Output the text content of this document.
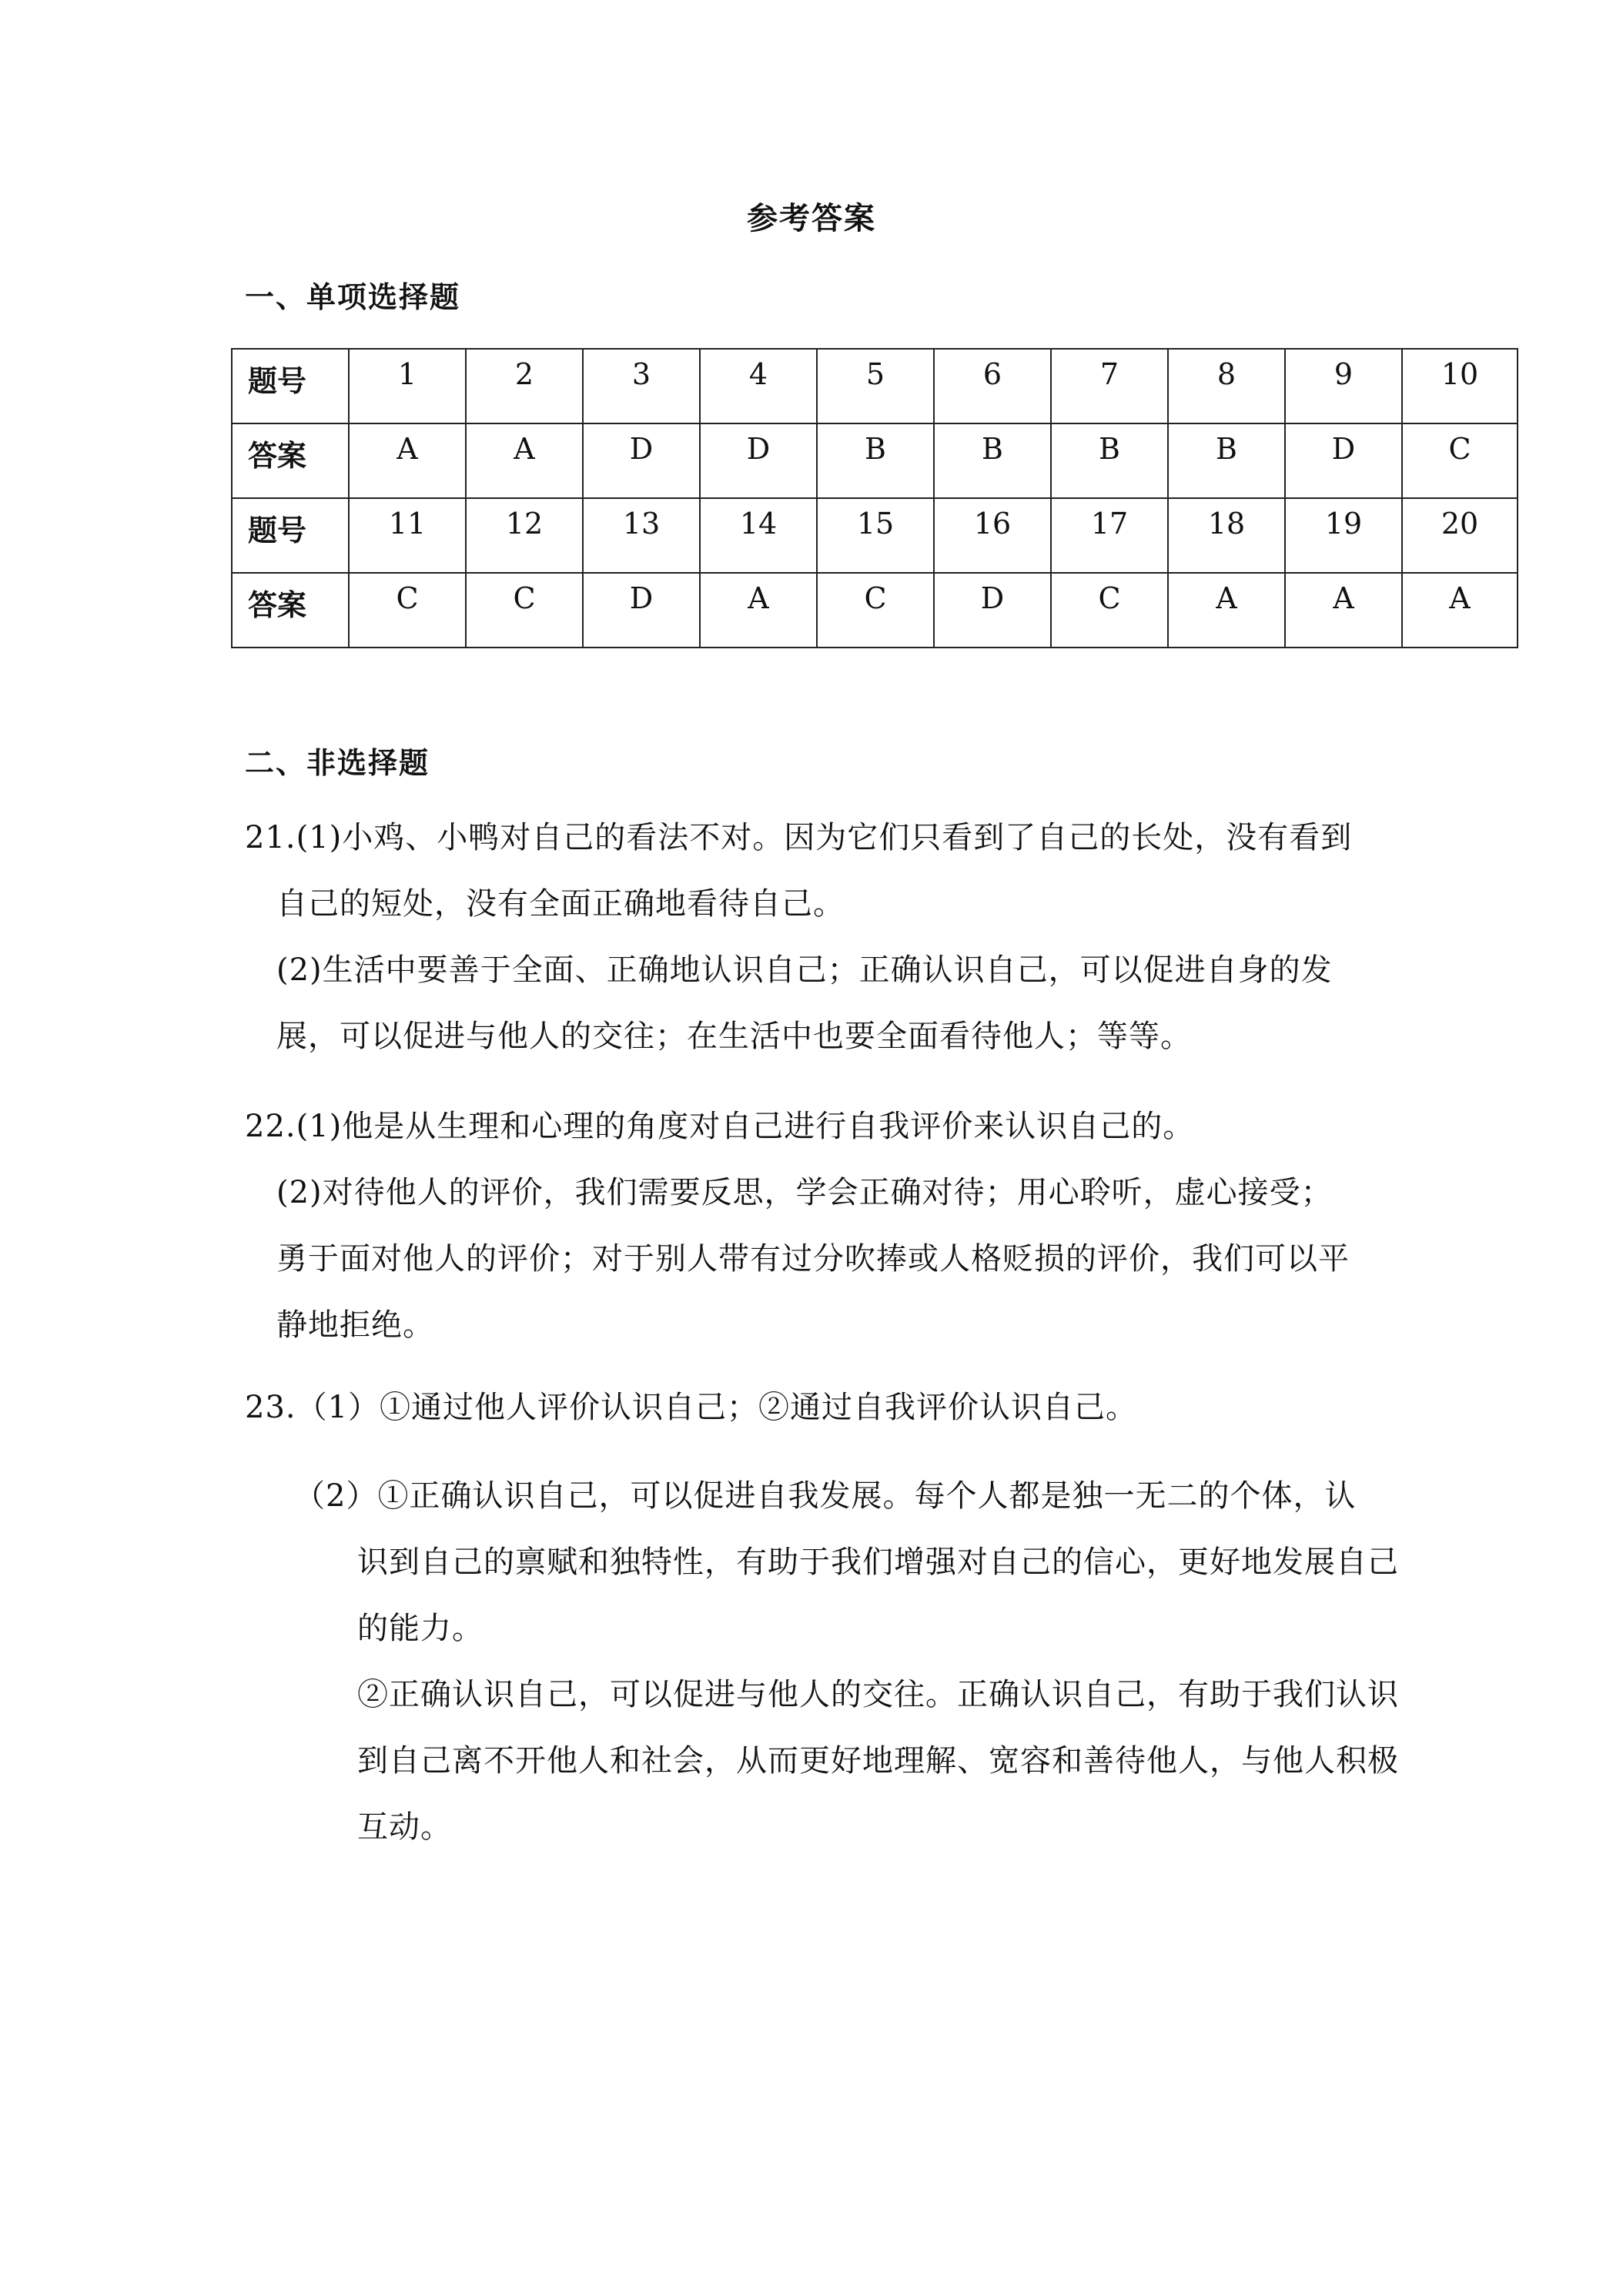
参考答案
一、单项选择题
题号	1	2	3	4	5	6	7	8	9	10
答案	A	A	D	D	B	B	B	B	D	C
题号	11	12	13	14	15	16	17	18	19	20
答案	C	C	D	A	C	D	C	A	A	A
二、非选择题
21.(1)小鸡、小鸭对自己的看法不对。因为它们只看到了自己的长处，没有看到
　自己的短处，没有全面正确地看待自己。
　(2)生活中要善于全面、正确地认识自己；正确认识自己，可以促进自身的发
　展，可以促进与他人的交往；在生活中也要全面看待他人；等等。
22.(1)他是从生理和心理的角度对自己进行自我评价来认识自己的。
　(2)对待他人的评价，我们需要反思，学会正确对待；用心聆听，虚心接受；
　勇于面对他人的评价；对于别人带有过分吹捧或人格贬损的评价，我们可以平
　静地拒绝。
23.（1）①通过他人评价认识自己；②通过自我评价认识自己。
（2）①正确认识自己，可以促进自我发展。每个人都是独一无二的个体，认
　　识到自己的禀赋和独特性，有助于我们增强对自己的信心，更好地发展自己
　　的能力。
　　②正确认识自己，可以促进与他人的交往。正确认识自己，有助于我们认识
　　到自己离不开他人和社会，从而更好地理解、宽容和善待他人，与他人积极
　　互动。
